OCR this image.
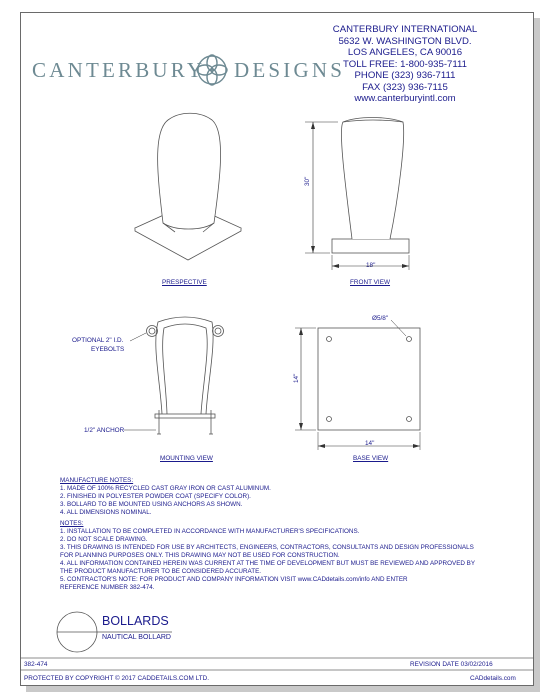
CANTERBURY INTERNATIONAL
5632 W. WASHINGTON BLVD.
LOS ANGELES, CA 90016
TOLL FREE: 1-800-935-7111
PHONE (323) 936-7111
FAX (323) 936-7115
www.canterburyintl.com
CANTERBURY DESIGNS
PRESPECTIVE	FRONT VIEW
MOUNTING VIEW	BASE VIEW
30"
18"
Ø5/8"
14"
14"
OPTIONAL 2" I.D.
EYEBOLTS
1/2" ANCHOR
MANUFACTURE NOTES:
1. MADE OF 100% RECYCLED CAST GRAY IRON OR CAST ALUMINUM.
2. FINISHED IN POLYESTER POWDER COAT (SPECIFY COLOR).
3. BOLLARD TO BE MOUNTED USING ANCHORS AS SHOWN.
4. ALL DIMENSIONS NOMINAL.
NOTES:
1. INSTALLATION TO BE COMPLETED IN ACCORDANCE WITH MANUFACTURER'S SPECIFICATIONS.
2. DO NOT SCALE DRAWING.
3. THIS DRAWING IS INTENDED FOR USE BY ARCHITECTS, ENGINEERS, CONTRACTORS, CONSULTANTS AND DESIGN PROFESSIONALS
FOR PLANNING PURPOSES ONLY. THIS DRAWING MAY NOT BE USED FOR CONSTRUCTION.
4. ALL INFORMATION CONTAINED HEREIN WAS CURRENT AT THE TIME OF DEVELOPMENT BUT MUST BE REVIEWED AND APPROVED BY
THE PRODUCT MANUFACTURER TO BE CONSIDERED ACCURATE.
5. CONTRACTOR'S NOTE: FOR PRODUCT AND COMPANY INFORMATION VISIT www.CADdetails.com/info AND ENTER
REFERENCE NUMBER 382-474.
BOLLARDS
NAUTICAL BOLLARD
382-474	REVISION DATE 03/02/2016
PROTECTED BY COPYRIGHT © 2017 CADDETAILS.COM LTD.	CADdetails.com
